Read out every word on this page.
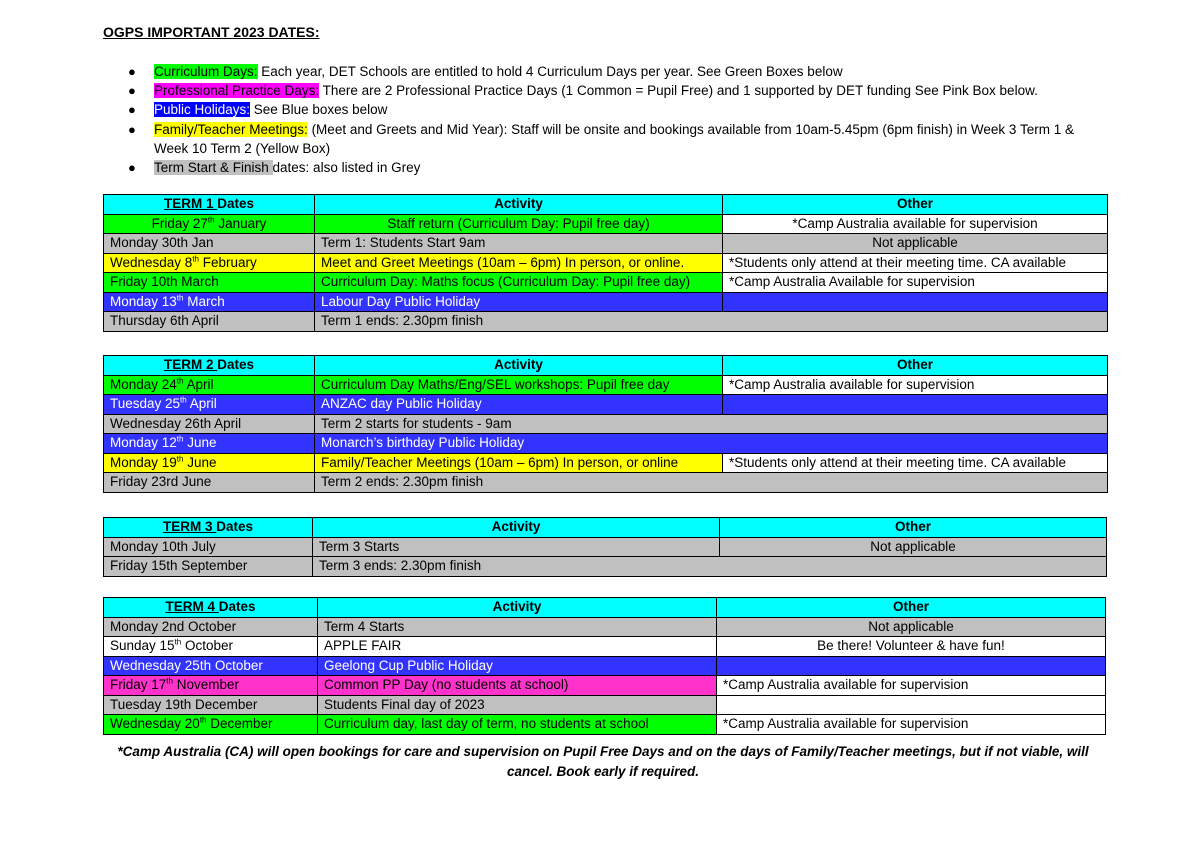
OGPS IMPORTANT 2023 DATES:
● Curriculum Days: Each year, DET Schools are entitled to hold 4 Curriculum Days per year. See Green Boxes below
● Professional Practice Days: There are 2 Professional Practice Days (1 Common = Pupil Free) and 1 supported by DET funding See Pink Box below.
● Public Holidays: See Blue boxes below
● Family/Teacher Meetings: (Meet and Greets and Mid Year): Staff will be onsite and bookings available from 10am-5.45pm (6pm finish) in Week 3 Term 1 & Week 10 Term 2 (Yellow Box)
● Term Start & Finish dates: also listed in Grey
TERM 1 Dates	Activity	Other
Friday 27th January	Staff return (Curriculum Day: Pupil free day)	*Camp Australia available for supervision
Monday 30th Jan	Term 1: Students Start 9am	Not applicable
Wednesday 8th February	Meet and Greet Meetings (10am – 6pm) In person, or online.	*Students only attend at their meeting time. CA available
Friday 10th March	Curriculum Day: Maths focus (Curriculum Day: Pupil free day)	*Camp Australia Available for supervision
Monday 13th March	Labour Day Public Holiday	
Thursday 6th April	Term 1 ends: 2.30pm finish	
TERM 2 Dates	Activity	Other
Monday 24th April	Curriculum Day Maths/Eng/SEL workshops: Pupil free day	*Camp Australia available for supervision
Tuesday 25th April	ANZAC day Public Holiday	
Wednesday 26th April	Term 2 starts for students - 9am	
Monday 12th June	Monarch’s birthday Public Holiday	
Monday 19th June	Family/Teacher Meetings (10am – 6pm) In person, or online	*Students only attend at their meeting time. CA available
Friday 23rd June	Term 2 ends: 2.30pm finish	
TERM 3 Dates	Activity	Other
Monday 10th July	Term 3 Starts	Not applicable
Friday 15th September	Term 3 ends: 2.30pm finish	
TERM 4 Dates	Activity	Other
Monday 2nd October	Term 4 Starts	Not applicable
Sunday 15th October	APPLE FAIR	Be there! Volunteer & have fun!
Wednesday 25th October	Geelong Cup Public Holiday	
Friday 17th November	Common PP Day (no students at school)	*Camp Australia available for supervision
Tuesday 19th December	Students Final day of 2023	
Wednesday 20th December	Curriculum day, last day of term, no students at school	*Camp Australia available for supervision
*Camp Australia (CA) will open bookings for care and supervision on Pupil Free Days and on the days of Family/Teacher meetings, but if not viable, will cancel. Book early if required.
